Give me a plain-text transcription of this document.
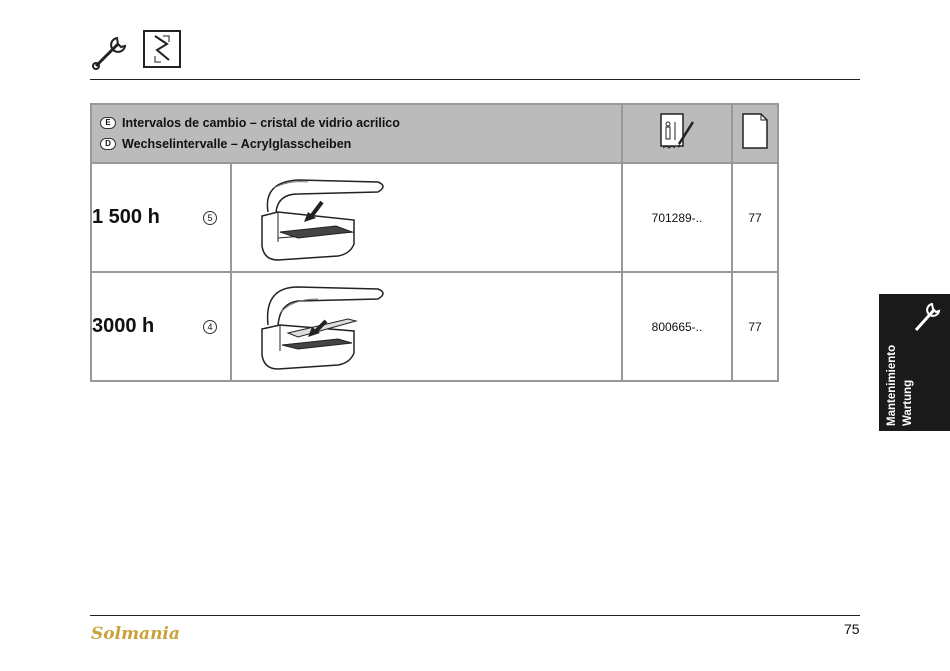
E Intervalos de cambio – cristal de vidrio acrilico
D Wechselintervalle – Acrylglasscheiben

1 500 h 5		701289-..	77
3000 h 4		800665-..	77
Mantenimiento Wartung
Solmania	75
